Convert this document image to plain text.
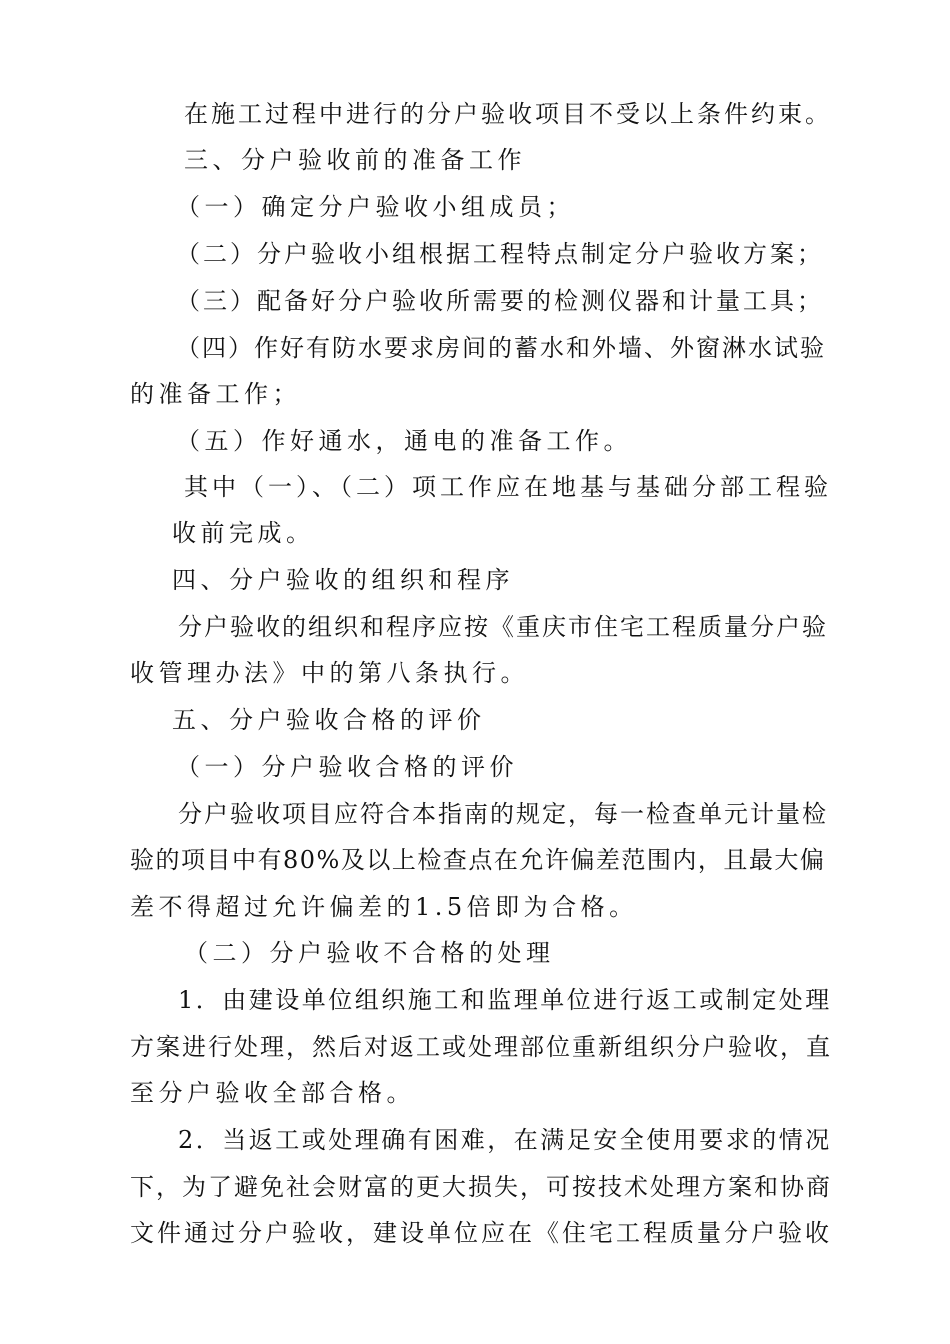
在施工过程中进行的分户验收项目不受以上条件约束。
三、分户验收前的准备工作
（一）确定分户验收小组成员；
（二）分户验收小组根据工程特点制定分户验收方案；
（三）配备好分户验收所需要的检测仪器和计量工具；
（四）作好有防水要求房间的蓄水和外墙、外窗淋水试验
的准备工作；
（五）作好通水，通电的准备工作。
其中（一）、（二）项工作应在地基与基础分部工程验
收前完成。
四、分户验收的组织和程序
分户验收的组织和程序应按《重庆市住宅工程质量分户验
收管理办法》中的第八条执行。
五、分户验收合格的评价
（一）分户验收合格的评价
分户验收项目应符合本指南的规定，每一检查单元计量检
验的项目中有80%及以上检查点在允许偏差范围内，且最大偏
差不得超过允许偏差的1.5倍即为合格。
（二）分户验收不合格的处理
1．由建设单位组织施工和监理单位进行返工或制定处理
方案进行处理，然后对返工或处理部位重新组织分户验收，直
至分户验收全部合格。
2．当返工或处理确有困难，在满足安全使用要求的情况
下，为了避免社会财富的更大损失，可按技术处理方案和协商
文件通过分户验收，建设单位应在《住宅工程质量分户验收
